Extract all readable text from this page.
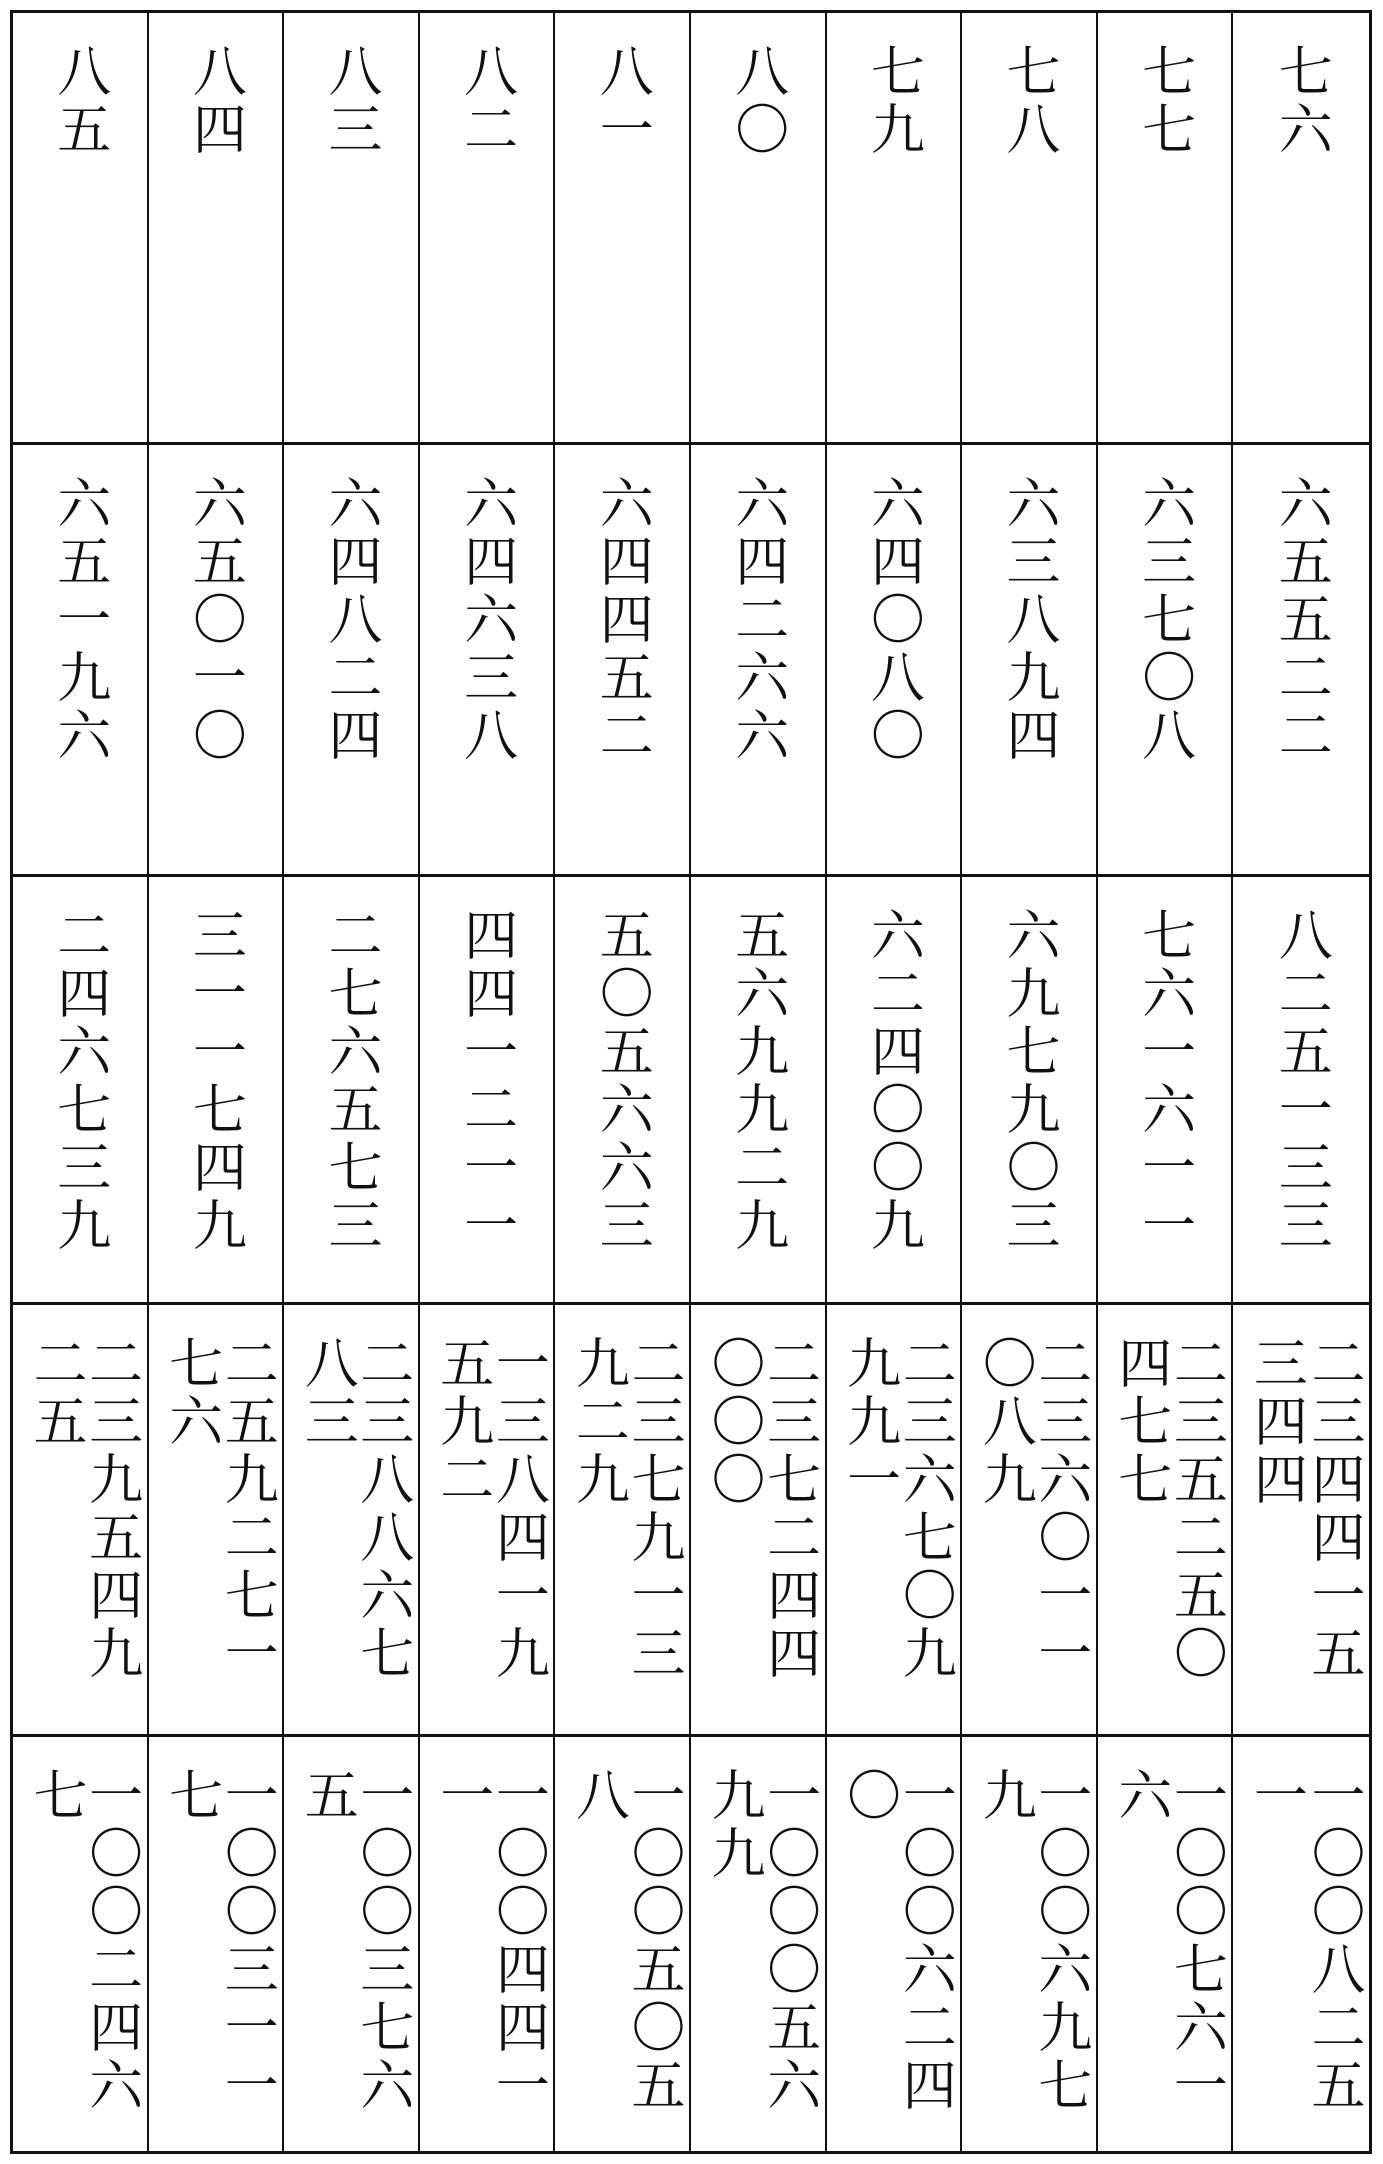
八五 八四 八三 八二 八一 八〇 七九 七八 七七 七六
六五一九六 六五〇一〇 六四八二四 六四六三八 六四四五二 六四二六六 六四〇八〇 六三八九四 六三七〇八 六五五二二
二四六七三九 三一一七四九 二七六五七三 四四一二一一 五〇五六六三 五六九九二九 六二四〇〇九 六九七九〇三 七六一六一一 八二五一三三
二三九五四九
二五 二五九二七一
七六 二三八八六七
八三 一三八四一九
五九二 二三七九一三
九二九 二三七二四四
〇〇〇 二三六七〇九
九九一 二三六〇一一
〇八九 二三五二五〇
四七七 二三四四一五
三四四
一〇〇二四六
七 一〇〇三一一
七 一〇〇三七六
五 一〇〇四四一
一 一〇〇五〇五
八 一〇〇〇五六
九九 一〇〇六二四
〇 一〇〇六九七
九 一〇〇七六一
六 一〇〇八二五
一
